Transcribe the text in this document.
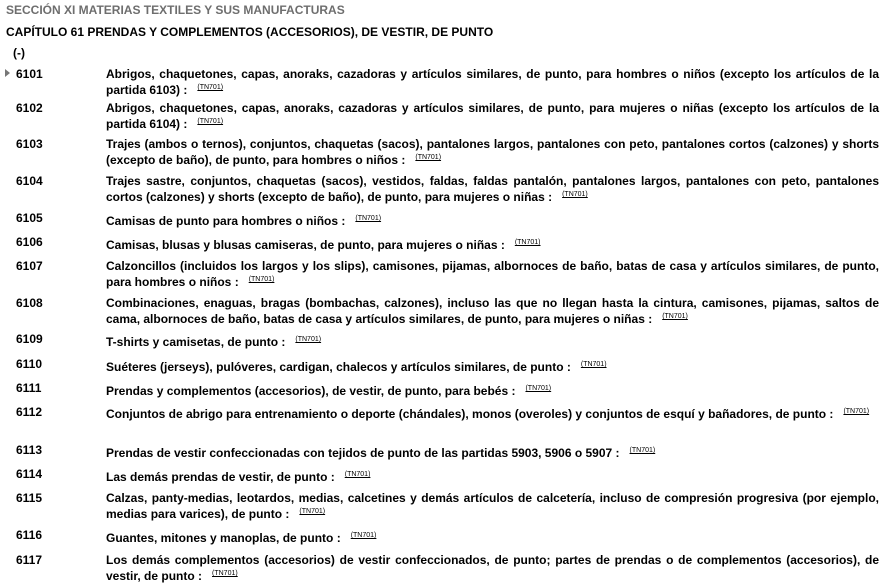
SECCIÓN XI MATERIAS TEXTILES Y SUS MANUFACTURAS
CAPÍTULO 61 PRENDAS Y COMPLEMENTOS (ACCESORIOS), DE VESTIR, DE PUNTO
(-)
6101	Abrigos, chaquetones, capas, anoraks, cazadoras y artículos similares, de punto, para hombres o niños (excepto los artículos de la partida 6103) : $^{(TN701)}$
6102	Abrigos, chaquetones, capas, anoraks, cazadoras y artículos similares, de punto, para mujeres o niñas (excepto los artículos de la partida 6104) : $^{(TN701)}$
6103	Trajes (ambos o ternos), conjuntos, chaquetas (sacos), pantalones largos, pantalones con peto, pantalones cortos (calzones) y shorts (excepto de baño), de punto, para hombres o niños : $^{(TN701)}$
6104	Trajes sastre, conjuntos, chaquetas (sacos), vestidos, faldas, faldas pantalón, pantalones largos, pantalones con peto, pantalones cortos (calzones) y shorts (excepto de baño), de punto, para mujeres o niñas : $^{(TN701)}$
6105	Camisas de punto para hombres o niños : $^{(TN701)}$
6106	Camisas, blusas y blusas camiseras, de punto, para mujeres o niñas : $^{(TN701)}$
6107	Calzoncillos (incluidos los largos y los slips), camisones, pijamas, albornoces de baño, batas de casa y artículos similares, de punto, para hombres o niños : $^{(TN701)}$
6108	Combinaciones, enaguas, bragas (bombachas, calzones), incluso las que no llegan hasta la cintura, camisones, pijamas, saltos de cama, albornoces de baño, batas de casa y artículos similares, de punto, para mujeres o niñas : $^{(TN701)}$
6109	T-shirts y camisetas, de punto : $^{(TN701)}$
6110	Suéteres (jerseys), pulóveres, cardigan, chalecos y artículos similares, de punto : $^{(TN701)}$
6111	Prendas y complementos (accesorios), de vestir, de punto, para bebés : $^{(TN701)}$
6112	Conjuntos de abrigo para entrenamiento o deporte (chándales), monos (overoles) y conjuntos de esquí y bañadores, de punto : $^{(TN701)}$
6113	Prendas de vestir confeccionadas con tejidos de punto de las partidas 5903, 5906 o 5907 : $^{(TN701)}$
6114	Las demás prendas de vestir, de punto : $^{(TN701)}$
6115	Calzas, panty-medias, leotardos, medias, calcetines y demás artículos de calcetería, incluso de compresión progresiva (por ejemplo, medias para varices), de punto : $^{(TN701)}$
6116	Guantes, mitones y manoplas, de punto : $^{(TN701)}$
6117	Los demás complementos (accesorios) de vestir confeccionados, de punto; partes de prendas o de complementos (accesorios), de vestir, de punto : $^{(TN701)}$
